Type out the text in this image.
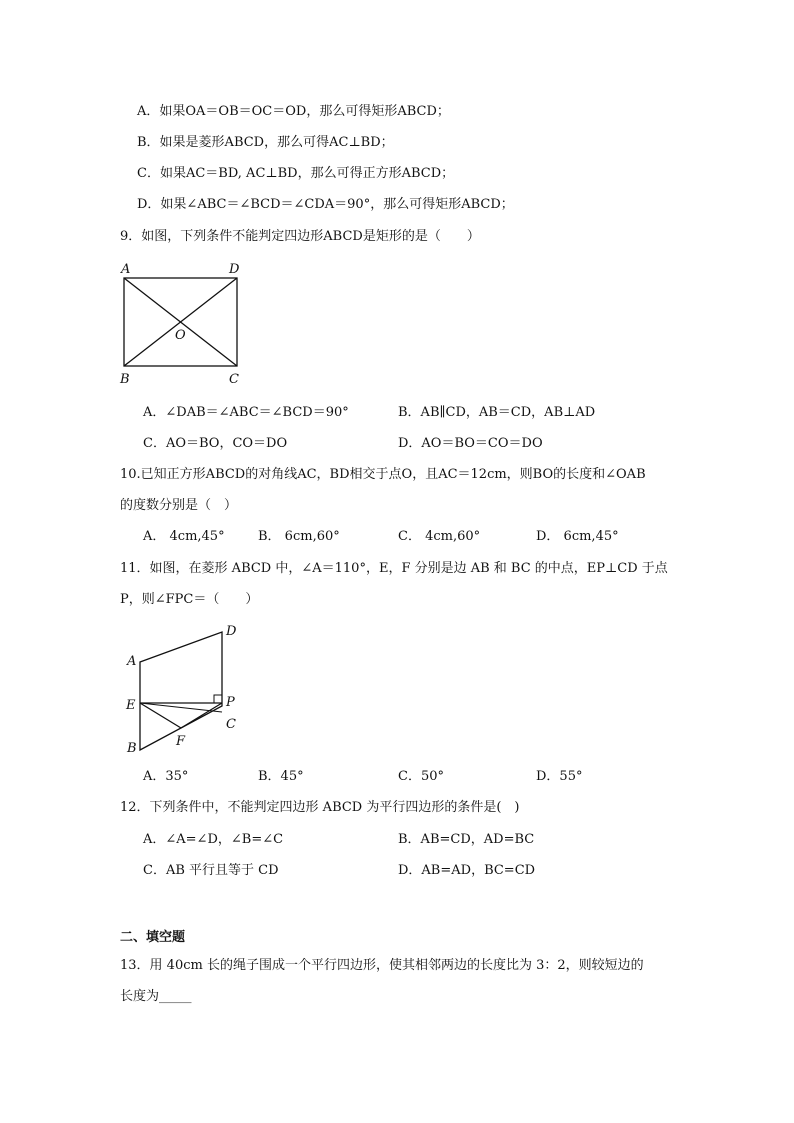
A．如果OA＝OB＝OC＝OD，那么可得矩形ABCD；
B．如果是菱形ABCD，那么可得AC⊥BD；
C．如果AC＝BD, AC⊥BD，那么可得正方形ABCD；
D．如果∠ABC＝∠BCD＝∠CDA＝90°，那么可得矩形ABCD；
9．如图，下列条件不能判定四边形ABCD是矩形的是（　　）
A	D
B	C
O
A．∠DAB＝∠ABC＝∠BCD＝90°	B．AB∥CD，AB＝CD，AB⊥AD
C．AO＝BO，CO＝DO	D．AO＝BO＝CO＝DO
10.已知正方形ABCD的对角线AC，BD相交于点O，且AC＝12cm，则BO的长度和∠OAB
的度数分别是（　）
A． 4cm,45°	B． 6cm,60°	C． 4cm,60°	D． 6cm,45°
11．如图，在菱形 ABCD 中，∠A＝110°，E，F 分别是边 AB 和 BC 的中点，EP⊥CD 于点
P，则∠FPC＝（　　）
A
D
E	P
C
F
B
A．35°	B．45°	C．50°	D．55°
12．下列条件中，不能判定四边形 ABCD 为平行四边形的条件是(　)
A．∠A=∠D，∠B=∠C	B．AB=CD，AD=BC
C．AB 平行且等于 CD	D．AB=AD，BC=CD
二、填空题
13．用 40cm 长的绳子围成一个平行四边形，使其相邻两边的长度比为 3：2，则较短边的
长度为_____
